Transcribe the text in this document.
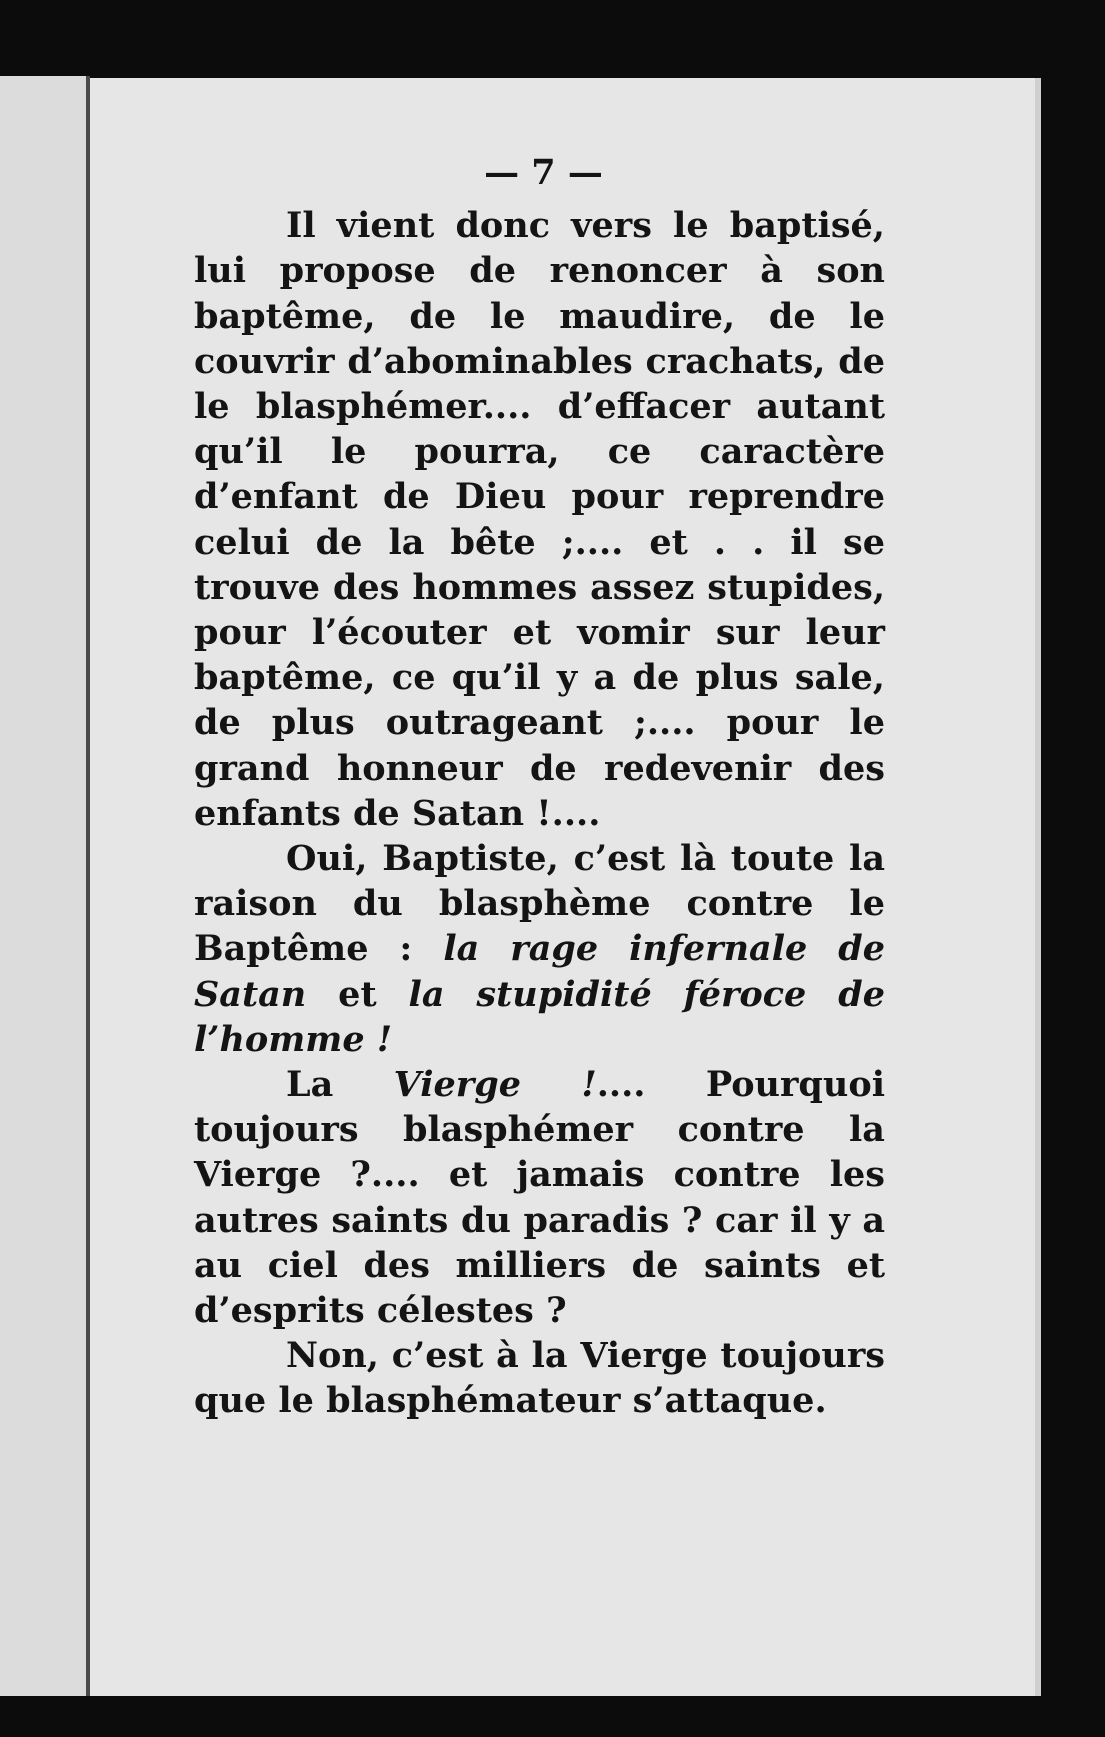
— 7 —

Il vient donc vers le baptisé, lui propose de renoncer à son baptême, de le maudire, de le couvrir d’abominables crachats, de le blasphémer.... d’effacer autant qu’il le pourra, ce caractère d’enfant de Dieu pour reprendre celui de la bête ;.... et . . il se trouve des hommes assez stupides, pour l’écouter et vomir sur leur baptême, ce qu’il y a de plus sale, de plus outrageant ;.... pour le grand honneur de redevenir des enfants de Satan !....

Oui, Baptiste, c’est là toute la raison du blasphème contre le Baptême : la rage infernale de Satan et la stupidité féroce de l’homme !

La Vierge !.... Pourquoi toujours blasphémer contre la Vierge ?.... et jamais contre les autres saints du paradis ? car il y a au ciel des milliers de saints et d’esprits célestes ?

Non, c’est à la Vierge toujours que le blasphémateur s’attaque.
